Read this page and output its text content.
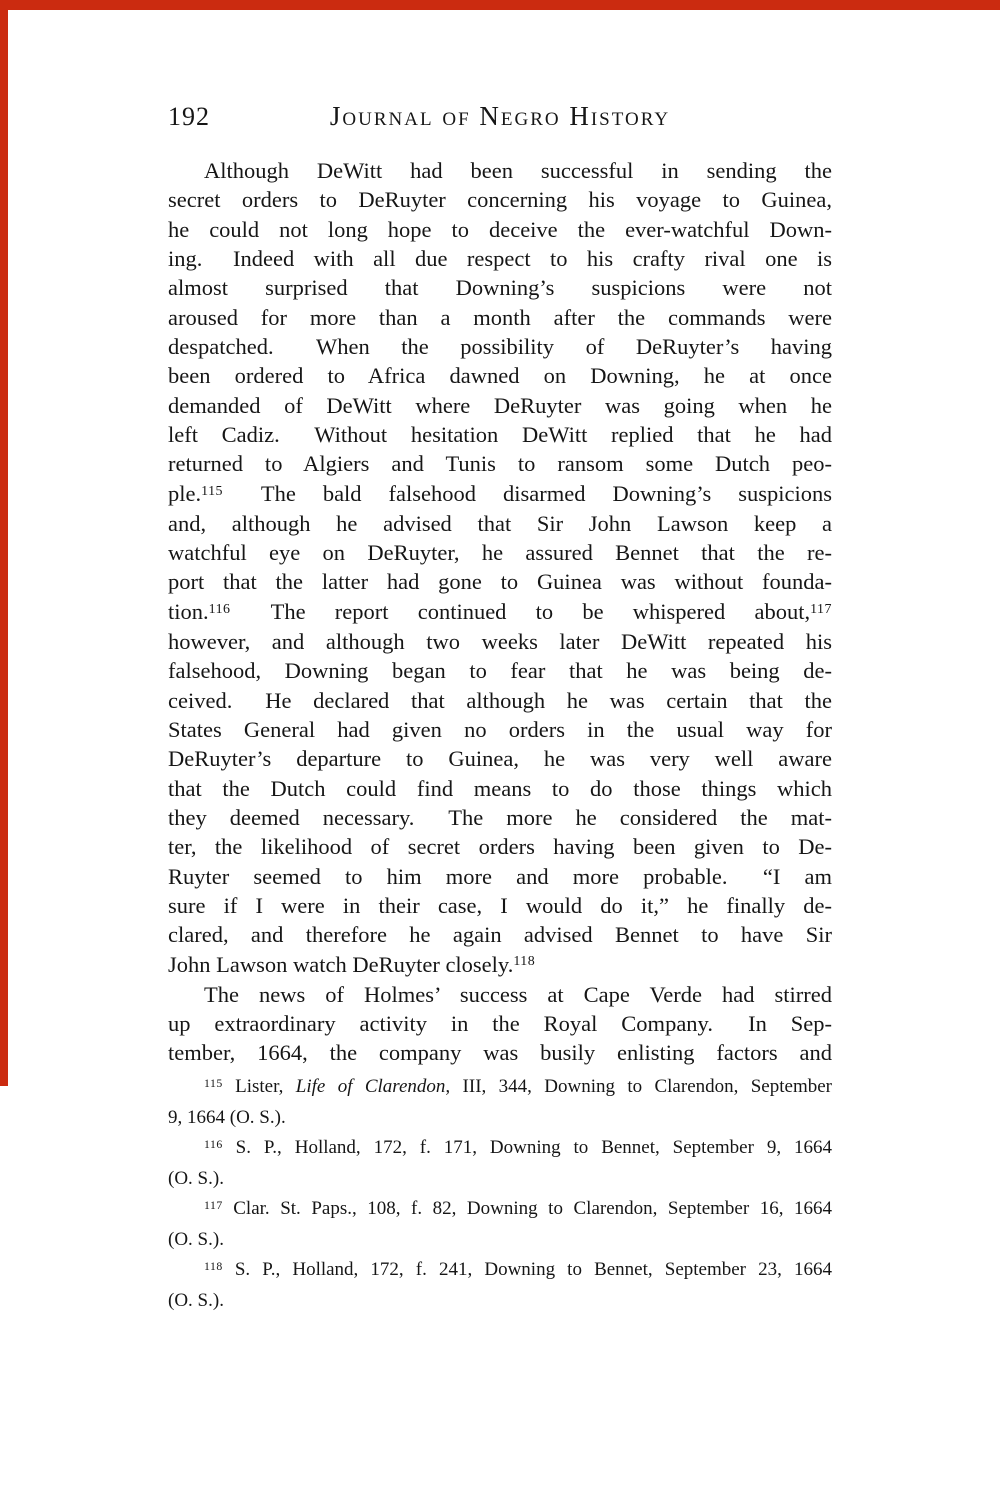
192	Journal of Negro History
Although DeWitt had been successful in sending the
secret orders to DeRuyter concerning his voyage to Guinea,
he could not long hope to deceive the ever-watchful Down-
ing.  Indeed with all due respect to his crafty rival one is
almost surprised that Downing’s suspicions were not
aroused for more than a month after the commands were
despatched.  When the possibility of DeRuyter’s having
been ordered to Africa dawned on Downing, he at once
demanded of DeWitt where DeRuyter was going when he
left Cadiz.  Without hesitation DeWitt replied that he had
returned to Algiers and Tunis to ransom some Dutch peo-
ple.$^{115}$  The bald falsehood disarmed Downing’s suspicions
and, although he advised that Sir John Lawson keep a
watchful eye on DeRuyter, he assured Bennet that the re-
port that the latter had gone to Guinea was without founda-
tion.$^{116}$  The report continued to be whispered about,$^{117}$
however, and although two weeks later DeWitt repeated his
falsehood, Downing began to fear that he was being de-
ceived.  He declared that although he was certain that the
States General had given no orders in the usual way for
DeRuyter’s departure to Guinea, he was very well aware
that the Dutch could find means to do those things which
they deemed necessary.  The more he considered the mat-
ter, the likelihood of secret orders having been given to De-
Ruyter seemed to him more and more probable.  “I am
sure if I were in their case, I would do it,” he finally de-
clared, and therefore he again advised Bennet to have Sir
John Lawson watch DeRuyter closely.$^{118}$
The news of Holmes’ success at Cape Verde had stirred
up extraordinary activity in the Royal Company.  In Sep-
tember, 1664, the company was busily enlisting factors and
$^{115}$ Lister, Life of Clarendon, III, 344, Downing to Clarendon, September
9, 1664 (O. S.).
$^{116}$ S. P., Holland, 172, f. 171, Downing to Bennet, September 9, 1664
(O. S.).
$^{117}$ Clar. St. Paps., 108, f. 82, Downing to Clarendon, September 16, 1664
(O. S.).
$^{118}$ S. P., Holland, 172, f. 241, Downing to Bennet, September 23, 1664
(O. S.).
